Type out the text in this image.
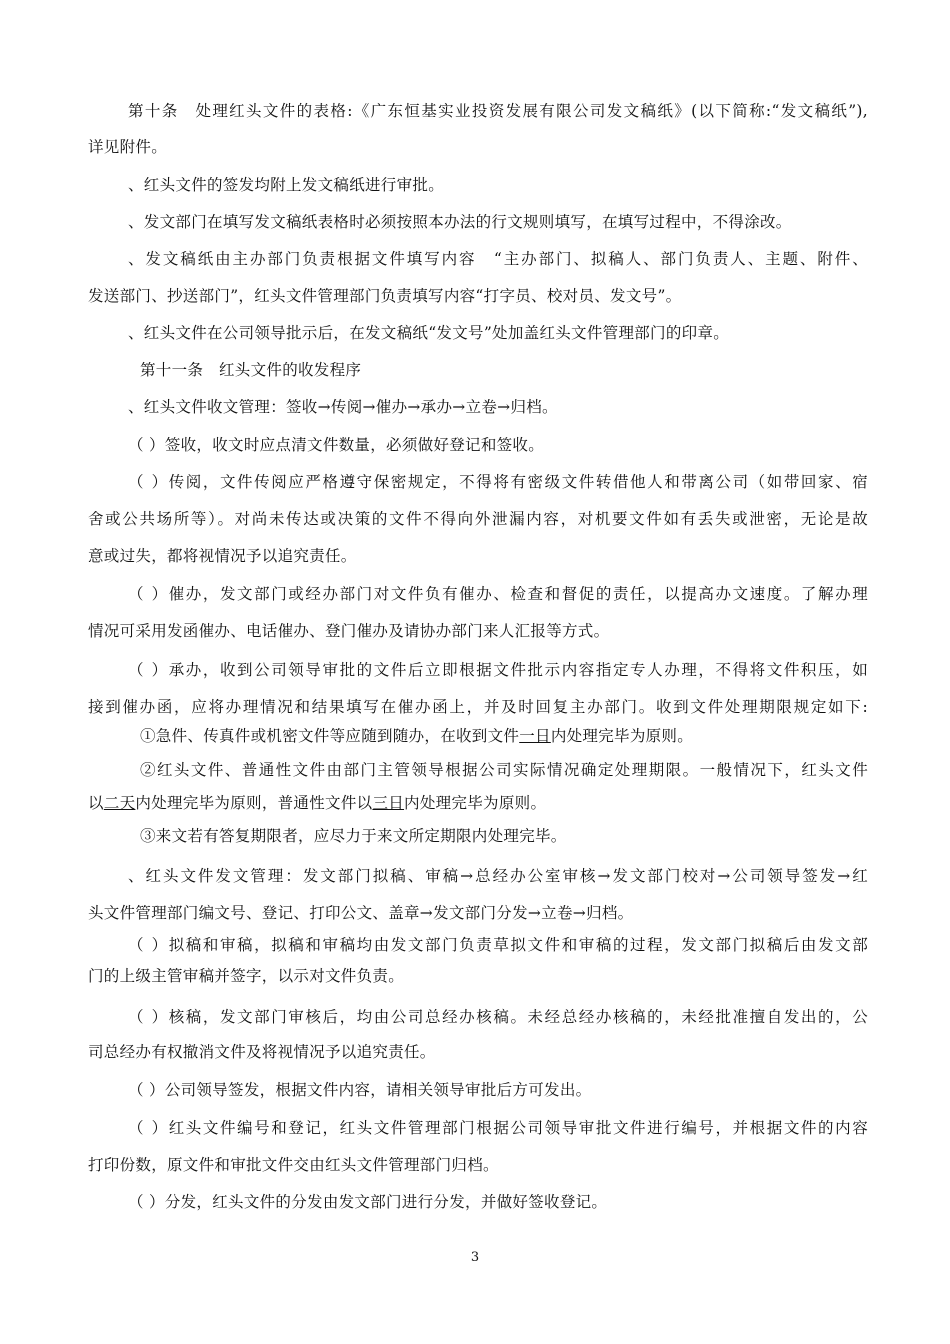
第十条　处理红头文件的表格:《广东恒基实业投资发展有限公司发文稿纸》(以下简称:“发文稿纸”),
详见附件。
、红头文件的签发均附上发文稿纸进行审批。
、发文部门在填写发文稿纸表格时必须按照本办法的行文规则填写，在填写过程中，不得涂改。
、发文稿纸由主办部门负责根据文件填写内容　“主办部门、拟稿人、部门负责人、主题、附件、
发送部门、抄送部门”，红头文件管理部门负责填写内容“打字员、校对员、发文号”。
、红头文件在公司领导批示后，在发文稿纸“发文号”处加盖红头文件管理部门的印章。
第十一条　红头文件的收发程序
、红头文件收文管理：签收→传阅→催办→承办→立卷→归档。
（ ）签收，收文时应点清文件数量，必须做好登记和签收。
（ ）传阅，文件传阅应严格遵守保密规定，不得将有密级文件转借他人和带离公司（如带回家、宿
舍或公共场所等）。对尚未传达或决策的文件不得向外泄漏内容，对机要文件如有丢失或泄密，无论是故
意或过失，都将视情况予以追究责任。
（ ）催办，发文部门或经办部门对文件负有催办、检查和督促的责任，以提高办文速度。了解办理
情况可采用发函催办、电话催办、登门催办及请协办部门来人汇报等方式。
（ ）承办，收到公司领导审批的文件后立即根据文件批示内容指定专人办理，不得将文件积压，如
接到催办函，应将办理情况和结果填写在催办函上，并及时回复主办部门。收到文件处理期限规定如下:
①急件、传真件或机密文件等应随到随办，在收到文件一日内处理完毕为原则。
②红头文件、普通性文件由部门主管领导根据公司实际情况确定处理期限。一般情况下，红头文件
以二天内处理完毕为原则，普通性文件以三日内处理完毕为原则。
③来文若有答复期限者，应尽力于来文所定期限内处理完毕。
、红头文件发文管理：发文部门拟稿、审稿→总经办公室审核→发文部门校对→公司领导签发→红
头文件管理部门编文号、登记、打印公文、盖章→发文部门分发→立卷→归档。
（ ）拟稿和审稿，拟稿和审稿均由发文部门负责草拟文件和审稿的过程，发文部门拟稿后由发文部
门的上级主管审稿并签字，以示对文件负责。
（ ）核稿，发文部门审核后，均由公司总经办核稿。未经总经办核稿的，未经批准擅自发出的，公
司总经办有权撤消文件及将视情况予以追究责任。
（ ）公司领导签发，根据文件内容，请相关领导审批后方可发出。
（ ）红头文件编号和登记，红头文件管理部门根据公司领导审批文件进行编号，并根据文件的内容
打印份数，原文件和审批文件交由红头文件管理部门归档。
（ ）分发，红头文件的分发由发文部门进行分发，并做好签收登记。
3
